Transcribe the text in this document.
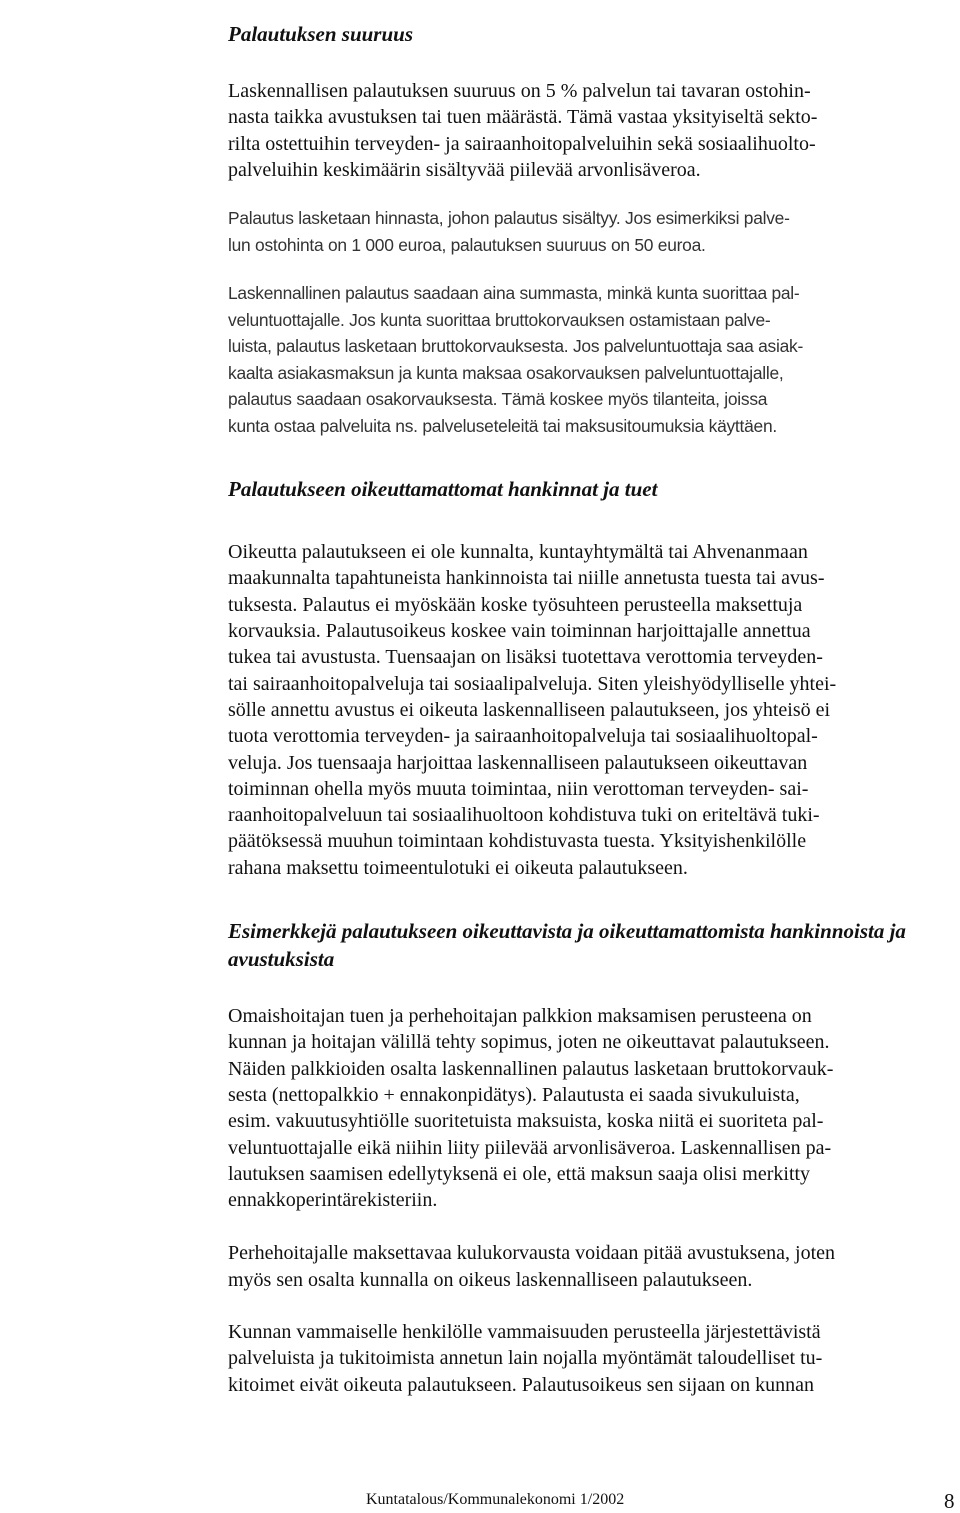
Palautuksen suuruus

Laskennallisen palautuksen suuruus on 5 % palvelun tai tavaran ostohin-
nasta taikka avustuksen tai tuen määrästä. Tämä vastaa yksityiseltä sekto-
rilta ostettuihin terveyden- ja sairaanhoitopalveluihin sekä sosiaalihuolto-
palveluihin keskimäärin sisältyvää piilevää arvonlisäveroa.

Palautus lasketaan hinnasta, johon palautus sisältyy. Jos esimerkiksi palve-
lun ostohinta on 1 000 euroa, palautuksen suuruus on 50 euroa.

Laskennallinen palautus saadaan aina summasta, minkä kunta suorittaa pal-
veluntuottajalle. Jos kunta suorittaa bruttokorvauksen ostamistaan palve-
luista, palautus lasketaan bruttokorvauksesta. Jos palveluntuottaja saa asiak-
kaalta asiakasmaksun ja kunta maksaa osakorvauksen palveluntuottajalle,
palautus saadaan osakorvauksesta. Tämä koskee myös tilanteita, joissa
kunta ostaa palveluita ns. palveluseteleitä tai maksusitoumuksia käyttäen.

Palautukseen oikeuttamattomat hankinnat ja tuet

Oikeutta palautukseen ei ole kunnalta, kuntayhtymältä tai Ahvenanmaan
maakunnalta tapahtuneista hankinnoista tai niille annetusta tuesta tai avus-
tuksesta. Palautus ei myöskään koske työsuhteen perusteella maksettuja
korvauksia. Palautusoikeus koskee vain toiminnan harjoittajalle annettua
tukea tai avustusta. Tuensaajan on lisäksi tuotettava verottomia terveyden-
tai sairaanhoitopalveluja tai sosiaalipalveluja. Siten yleishyödylliselle yhtei-
sölle annettu avustus ei oikeuta laskennalliseen palautukseen, jos yhteisö ei
tuota verottomia terveyden- ja sairaanhoitopalveluja tai sosiaalihuoltopal-
veluja. Jos tuensaaja harjoittaa laskennalliseen palautukseen oikeuttavan
toiminnan ohella myös muuta toimintaa, niin verottoman terveyden- sai-
raanhoitopalveluun tai sosiaalihuoltoon kohdistuva tuki on eriteltävä tuki-
päätöksessä muuhun toimintaan kohdistuvasta tuesta. Yksityishenkilölle
rahana maksettu toimeentulotuki ei oikeuta palautukseen.

Esimerkkejä palautukseen oikeuttavista ja oikeuttamattomista hankinnoista ja avustuksista

Omaishoitajan tuen ja perhehoitajan palkkion maksamisen perusteena on
kunnan ja hoitajan välillä tehty sopimus, joten ne oikeuttavat palautukseen.
Näiden palkkioiden osalta laskennallinen palautus lasketaan bruttokorvauk-
sesta (nettopalkkio + ennakonpidätys). Palautusta ei saada sivukuluista,
esim. vakuutusyhtiölle suoritetuista maksuista, koska niitä ei suoriteta pal-
veluntuottajalle eikä niihin liity piilevää arvonlisäveroa. Laskennallisen pa-
lautuksen saamisen edellytyksenä ei ole, että maksun saaja olisi merkitty
ennakkoperintärekisteriin.

Perhehoitajalle maksettavaa kulukorvausta voidaan pitää avustuksena, joten
myös sen osalta kunnalla on oikeus laskennalliseen palautukseen.

Kunnan vammaiselle henkilölle vammaisuuden perusteella järjestettävistä
palveluista ja tukitoimista annetun lain nojalla myöntämät taloudelliset tu-
kitoimet eivät oikeuta palautukseen. Palautusoikeus sen sijaan on kunnan

Kuntatalous/Kommunalekonomi 1/2002	8
